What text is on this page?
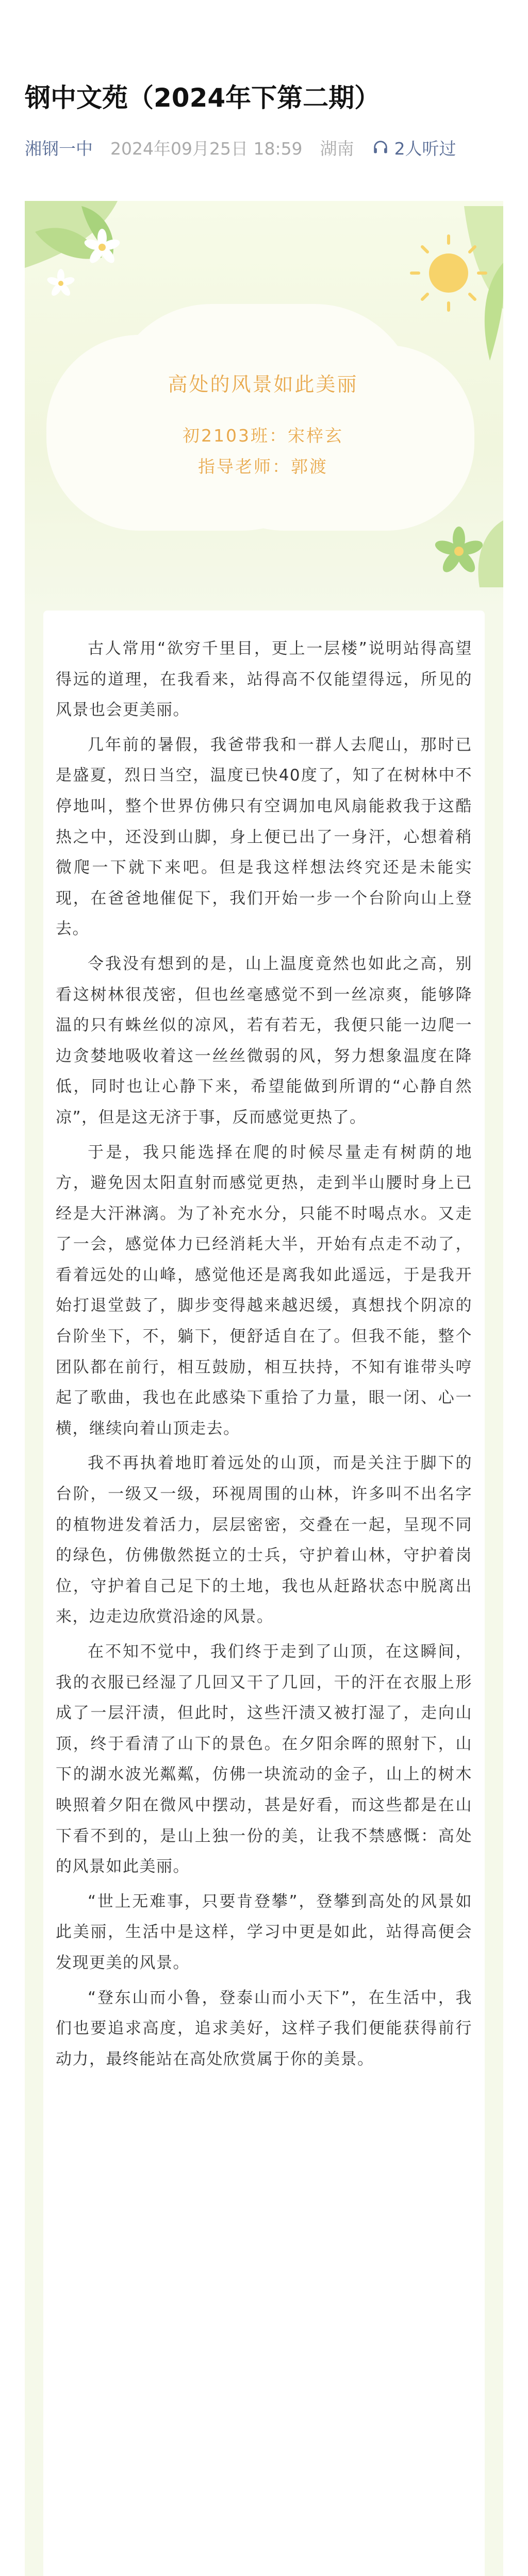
钢中文苑（2024年下第二期）
湘钢一中 2024年09月25日 18:59 湖南 2人听过
高处的风景如此美丽
初2103班：宋梓玄
指导老师：郭渡

古人常用“欲穷千里目，更上一层楼”说明站得高望得远的道理，在我看来，站得高不仅能望得远，所见的风景也会更美丽。

几年前的暑假，我爸带我和一群人去爬山，那时已是盛夏，烈日当空，温度已快40度了，知了在树林中不停地叫，整个世界仿佛只有空调加电风扇能救我于这酷热之中，还没到山脚，身上便已出了一身汗，心想着稍微爬一下就下来吧。但是我这样想法终究还是未能实现，在爸爸地催促下，我们开始一步一个台阶向山上登去。

令我没有想到的是，山上温度竟然也如此之高，别看这树林很茂密，但也丝毫感觉不到一丝凉爽，能够降温的只有蛛丝似的凉风，若有若无，我便只能一边爬一边贪婪地吸收着这一丝丝微弱的风，努力想象温度在降低，同时也让心静下来，希望能做到所谓的“心静自然凉”，但是这无济于事，反而感觉更热了。

于是，我只能选择在爬的时候尽量走有树荫的地方，避免因太阳直射而感觉更热，走到半山腰时身上已经是大汗淋漓。为了补充水分，只能不时喝点水。又走了一会，感觉体力已经消耗大半，开始有点走不动了，看着远处的山峰，感觉他还是离我如此遥远，于是我开始打退堂鼓了，脚步变得越来越迟缓，真想找个阴凉的台阶坐下，不，躺下，便舒适自在了。但我不能，整个团队都在前行，相互鼓励，相互扶持，不知有谁带头哼起了歌曲，我也在此感染下重拾了力量，眼一闭、心一横，继续向着山顶走去。

我不再执着地盯着远处的山顶，而是关注于脚下的台阶，一级又一级，环视周围的山林，许多叫不出名字的植物进发着活力，层层密密，交叠在一起，呈现不同的绿色，仿佛傲然挺立的士兵，守护着山林，守护着岗位，守护着自己足下的土地，我也从赶路状态中脱离出来，边走边欣赏沿途的风景。

在不知不觉中，我们终于走到了山顶，在这瞬间，我的衣服已经湿了几回又干了几回，干的汗在衣服上形成了一层汗渍，但此时，这些汗渍又被打湿了，走向山顶，终于看清了山下的景色。在夕阳余晖的照射下，山下的湖水波光粼粼，仿佛一块流动的金子，山上的树木映照着夕阳在微风中摆动，甚是好看，而这些都是在山下看不到的，是山上独一份的美，让我不禁感慨：高处的风景如此美丽。

“世上无难事，只要肯登攀”，登攀到高处的风景如此美丽，生活中是这样，学习中更是如此，站得高便会发现更美的风景。

“登东山而小鲁，登泰山而小天下”，在生活中，我们也要追求高度，追求美好，这样子我们便能获得前行动力，最终能站在高处欣赏属于你的美景。
